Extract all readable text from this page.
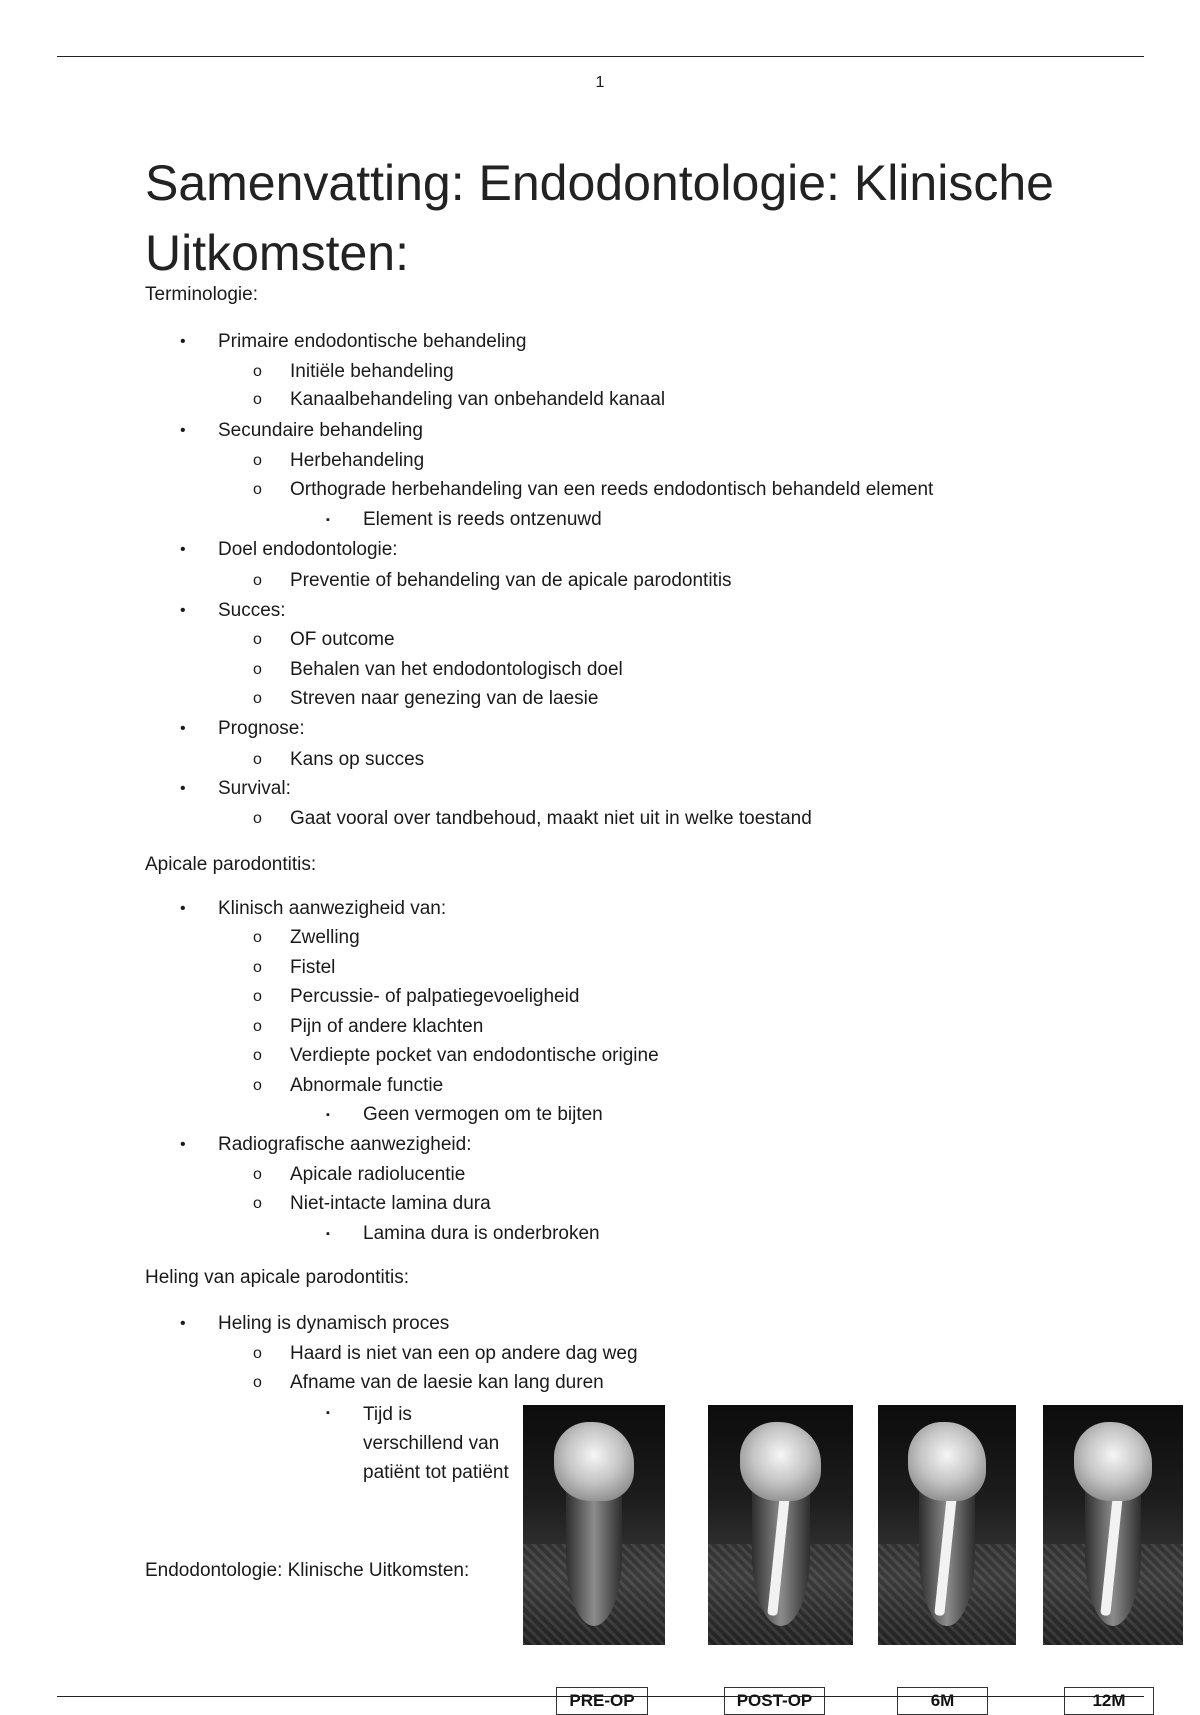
1
Samenvatting: Endodontologie: Klinische Uitkomsten:
Terminologie:
• Primaire endodontische behandeling
o Initiële behandeling
o Kanaalbehandeling van onbehandeld kanaal
• Secundaire behandeling
o Herbehandeling
o Orthograde herbehandeling van een reeds endodontisch behandeld element
▪ Element is reeds ontzenuwd
• Doel endodontologie:
o Preventie of behandeling van de apicale parodontitis
• Succes:
o OF outcome
o Behalen van het endodontologisch doel
o Streven naar genezing van de laesie
• Prognose:
o Kans op succes
• Survival:
o Gaat vooral over tandbehoud, maakt niet uit in welke toestand
Apicale parodontitis:
• Klinisch aanwezigheid van:
o Zwelling
o Fistel
o Percussie- of palpatiegevoeligheid
o Pijn of andere klachten
o Verdiepte pocket van endodontische origine
o Abnormale functie
▪ Geen vermogen om te bijten
• Radiografische aanwezigheid:
o Apicale radiolucentie
o Niet-intacte lamina dura
▪ Lamina dura is onderbroken
Heling van apicale parodontitis:
• Heling is dynamisch proces
o Haard is niet van een op andere dag weg
o Afname van de laesie kan lang duren
▪ Tijd is verschillend van patiënt tot patiënt
Endodontologie: Klinische Uitkomsten:
PRE-OP	POST-OP	6M	12M
